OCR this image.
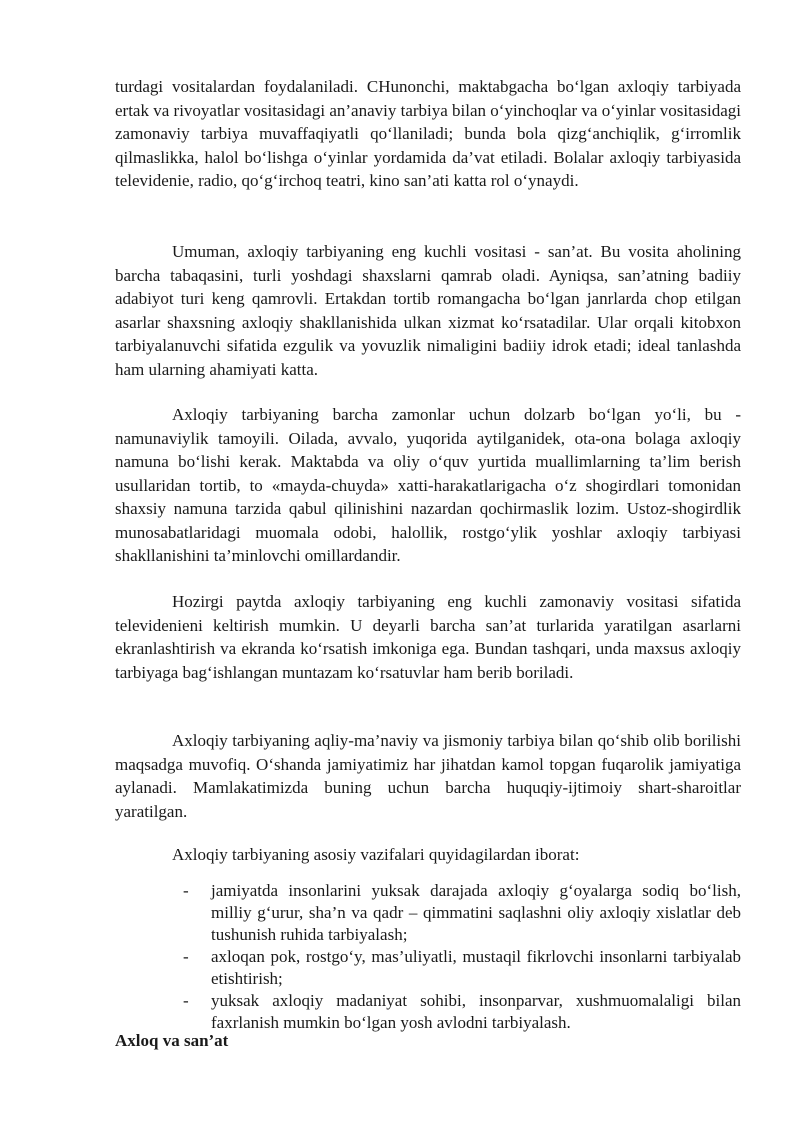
turdagi vositalardan foydalaniladi. CHunonchi, maktabgacha bo‘lgan axloqiy tarbiyada ertak va rivoyatlar vositasidagi an’anaviy tarbiya bilan o‘yinchoqlar va o‘yinlar vositasidagi zamonaviy tarbiya muvaffaqiyatli qo‘llaniladi; bunda bola qizg‘anchiqlik, g‘irromlik qilmaslikka, halol bo‘lishga o‘yinlar yordamida da’vat etiladi. Bolalar axloqiy tarbiyasida televidenie, radio, qo‘g‘irchoq teatri, kino san’ati katta rol o‘ynaydi.

Umuman, axloqiy tarbiyaning eng kuchli vositasi - san’at. Bu vosita aholining barcha tabaqasini, turli yoshdagi shaxslarni qamrab oladi. Ayniqsa, san’atning badiiy adabiyot turi keng qamrovli. Ertakdan tortib romangacha bo‘lgan janrlarda chop etilgan asarlar shaxsning axloqiy shakllanishida ulkan xizmat ko‘rsatadilar. Ular orqali kitobxon tarbiyalanuvchi sifatida ezgulik va yovuzlik nimaligini badiiy idrok etadi; ideal tanlashda ham ularning ahamiyati katta.

Axloqiy tarbiyaning barcha zamonlar uchun dolzarb bo‘lgan yo‘li, bu - namunaviylik tamoyili. Oilada, avvalo, yuqorida aytilganidek, ota-ona bolaga axloqiy namuna bo‘lishi kerak. Maktabda va oliy o‘quv yurtida muallimlarning ta’lim berish usullaridan tortib, to «mayda-chuyda» xatti-harakatlarigacha o‘z shogirdlari tomonidan shaxsiy namuna tarzida qabul qilinishini nazardan qochirmaslik lozim. Ustoz-shogirdlik munosabatlaridagi muomala odobi, halollik, rostgo‘ylik yoshlar axloqiy tarbiyasi shakllanishini ta’minlovchi omillardandir.

Hozirgi paytda axloqiy tarbiyaning eng kuchli zamonaviy vositasi sifatida televidenieni keltirish mumkin. U deyarli barcha san’at turlarida yaratilgan asarlarni ekranlashtirish va ekranda ko‘rsatish imkoniga ega. Bundan tashqari, unda maxsus axloqiy tarbiyaga bag‘ishlangan muntazam ko‘rsatuvlar ham berib boriladi.

Axloqiy tarbiyaning aqliy-ma’naviy va jismoniy tarbiya bilan qo‘shib olib borilishi maqsadga muvofiq. O‘shanda jamiyatimiz har jihatdan kamol topgan fuqarolik jamiyatiga aylanadi. Mamlakatimizda buning uchun barcha huquqiy-ijtimoiy shart-sharoitlar yaratilgan.

Axloqiy tarbiyaning asosiy vazifalari quyidagilardan iborat:

- jamiyatda insonlarini yuksak darajada axloqiy g‘oyalarga sodiq bo‘lish, milliy g‘urur, sha’n va qadr – qimmatini saqlashni oliy axloqiy xislatlar deb tushunish ruhida tarbiyalash;
- axloqan pok, rostgo‘y, mas’uliyatli, mustaqil fikrlovchi insonlarni tarbiyalab etishtirish;
- yuksak axloqiy madaniyat sohibi, insonparvar, xushmuomalaligi bilan faxrlanish mumkin bo‘lgan yosh avlodni tarbiyalash.
Axloq va san’at
